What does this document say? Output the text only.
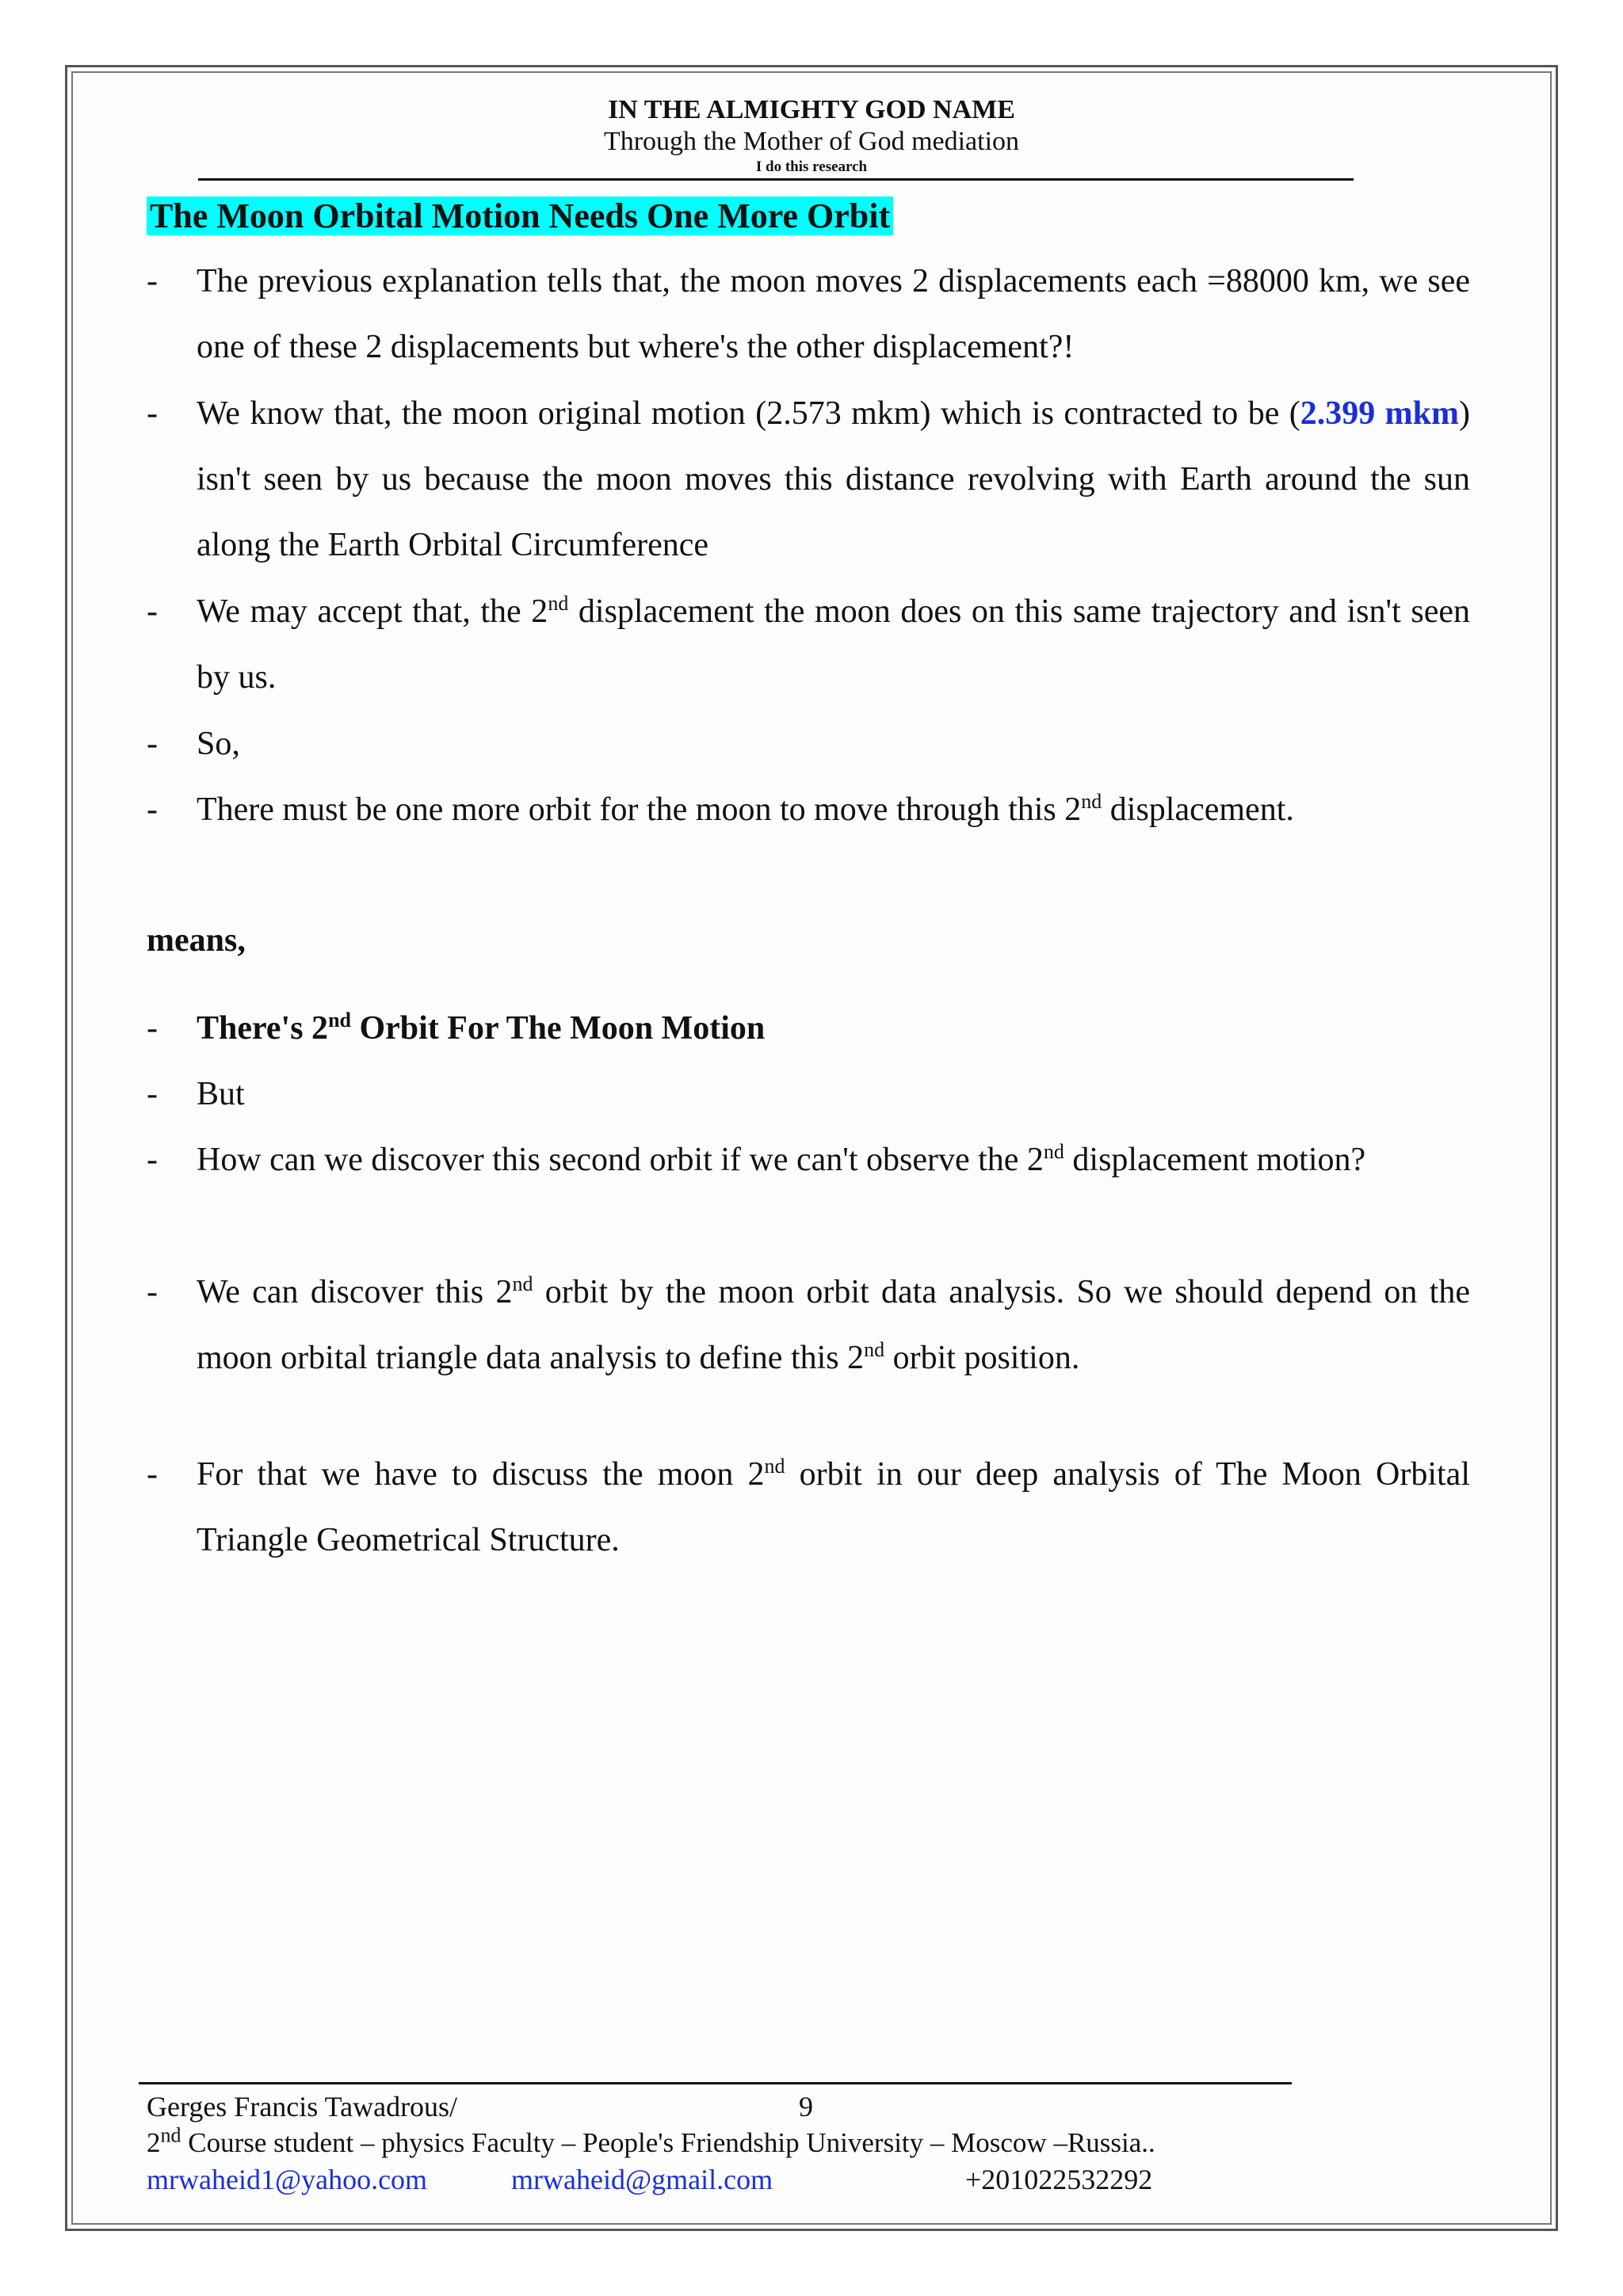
IN THE ALMIGHTY GOD NAME
Through the Mother of God mediation
I do this research
The Moon Orbital Motion Needs One More Orbit
- The previous explanation tells that, the moon moves 2 displacements each =88000 km, we see one of these 2 displacements but where's the other displacement?!
- We know that, the moon original motion (2.573 mkm) which is contracted to be (2.399 mkm) isn't seen by us because the moon moves this distance revolving with Earth around the sun along the Earth Orbital Circumference
- We may accept that, the 2nd displacement the moon does on this same trajectory and isn't seen by us.
- So,
- There must be one more orbit for the moon to move through this 2nd displacement.
means,
- There's 2nd Orbit For The Moon Motion
- But
- How can we discover this second orbit if we can't observe the 2nd displacement motion?
- We can discover this 2nd orbit by the moon orbit data analysis. So we should depend on the moon orbital triangle data analysis to define this 2nd orbit position.
- For that we have to discuss the moon 2nd orbit in our deep analysis of The Moon Orbital Triangle Geometrical Structure.
Gerges Francis Tawadrous/	9
2nd Course student – physics Faculty – People's Friendship University – Moscow –Russia..
mrwaheid1@yahoo.com	mrwaheid@gmail.com	+201022532292
